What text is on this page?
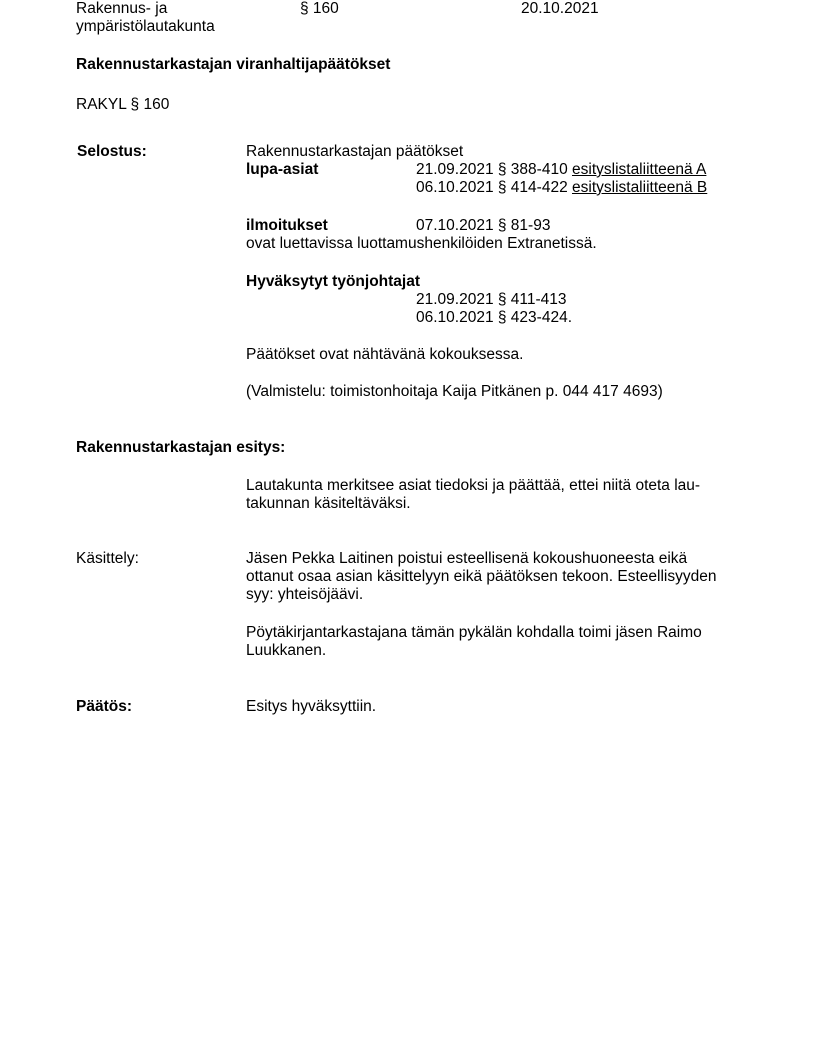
Rakennus- ja
ympäristölautakunta
§ 160	20.10.2021
Rakennustarkastajan viranhaltijapäätökset
RAKYL § 160
Selostus:	Rakennustarkastajan päätökset
lupa-asiat	21.09.2021 § 388-410 esityslistaliitteenä A
06.10.2021 § 414-422 esityslistaliitteenä B
ilmoitukset	07.10.2021 § 81-93
ovat luettavissa luottamushenkilöiden Extranetissä.
Hyväksytyt työnjohtajat
21.09.2021 § 411-413
06.10.2021 § 423-424.
Päätökset ovat nähtävänä kokouksessa.
(Valmistelu: toimistonhoitaja Kaija Pitkänen p. 044 417 4693)
Rakennustarkastajan esitys:
Lautakunta merkitsee asiat tiedoksi ja päättää, ettei niitä oteta lau-
takunnan käsiteltäväksi.
Käsittely:	Jäsen Pekka Laitinen poistui esteellisenä kokoushuoneesta eikä
ottanut osaa asian käsittelyyn eikä päätöksen tekoon. Esteellisyyden
syy: yhteisöjäävi.
Pöytäkirjantarkastajana tämän pykälän kohdalla toimi jäsen Raimo
Luukkanen.
Päätös:	Esitys hyväksyttiin.
